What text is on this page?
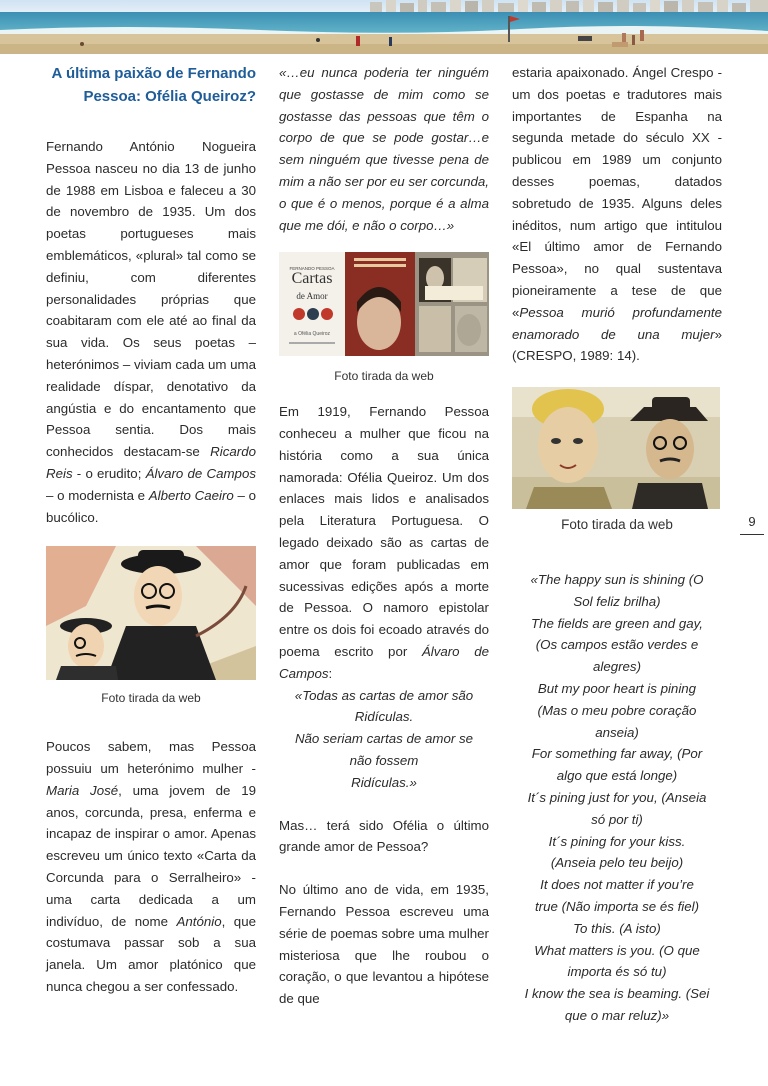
A última paixão de Fernando Pessoa: Ofélia Queiroz?

Fernando António Nogueira Pessoa nasceu no dia 13 de junho de 1988 em Lisboa e faleceu a 30 de novembro de 1935. Um dos poetas portugueses mais emblemáticos, «plural» tal como se definiu, com diferentes personalidades próprias que coabitaram com ele até ao final da sua vida. Os seus poetas – heterónimos – viviam cada um uma realidade díspar, denotativo da angústia e do encantamento que Pessoa sentia. Dos mais conhecidos destacam-se Ricardo Reis - o erudito; Álvaro de Campos – o modernista e Alberto Caeiro – o bucólico.

Foto tirada da web

Poucos sabem, mas Pessoa possuiu um heterónimo mulher - Maria José, uma jovem de 19 anos, corcunda, presa, enferma e incapaz de inspirar o amor. Apenas escreveu um único texto «Carta da Corcunda para o Serralheiro» - uma carta dedicada a um indivíduo, de nome António, que costumava passar sob a sua janela. Um amor platónico que nunca chegou a ser confessado.

«…eu nunca poderia ter ninguém que gostasse de mim como se gostasse das pessoas que têm o corpo de que se pode gostar…e sem ninguém que tivesse pena de mim a não ser por eu ser corcunda, o que é o menos, porque é a alma que me dói, e não o corpo…»

FERNANDO PESSOA
Cartas
de Amor
a Ofélia Queiroz

Foto tirada da web

Em 1919, Fernando Pessoa conheceu a mulher que ficou na história como a sua única namorada: Ofélia Queiroz. Um dos enlaces mais lidos e analisados pela Literatura Portuguesa. O legado deixado são as cartas de amor que foram publicadas em sucessivas edições após a morte de Pessoa. O namoro epistolar entre os dois foi ecoado através do poema escrito por Álvaro de Campos:

«Todas as cartas de amor são

Ridículas.

Não seriam cartas de amor se

não fossem

Ridículas.»

Mas… terá sido Ofélia o último grande amor de Pessoa?

No último ano de vida, em 1935, Fernando Pessoa escreveu uma série de poemas sobre uma mulher misteriosa que lhe roubou o coração, o que levantou a hipótese de que

estaria apaixonado. Ángel Crespo - um dos poetas e tradutores mais importantes de Espanha na segunda metade do século XX - publicou em 1989 um conjunto desses poemas, datados sobretudo de 1935. Alguns deles inéditos, num artigo que intitulou «El último amor de Fernando Pessoa», no qual sustentava pioneiramente a tese de que «Pessoa murió profundamente enamorado de una mujer» (CRESPO, 1989: 14).

Foto tirada da web

«The happy sun is shining (O

Sol feliz brilha)

The fields are green and gay,

(Os campos estão verdes e

alegres)

But my poor heart is pining

(Mas o meu pobre coração

anseia)

For something far away, (Por

algo que está longe)

It´s pining just for you, (Anseia

só por ti)

It´s pining for your kiss.

(Anseia pelo teu beijo)

It does not matter if you’re

true (Não importa se és fiel)

To this. (A isto)

What matters is you. (O que

importa és só tu)

I know the sea is beaming. (Sei

que o mar reluz)»

9
